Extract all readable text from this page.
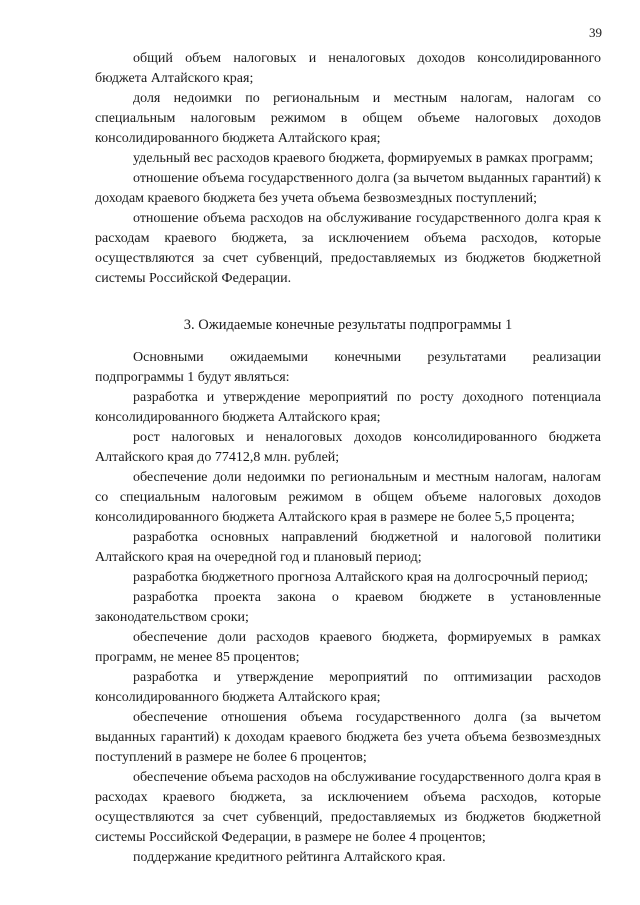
39

общий объем налоговых и неналоговых доходов консолидированного бюджета Алтайского края;

доля недоимки по региональным и местным налогам, налогам со специальным налоговым режимом в общем объеме налоговых доходов консолидированного бюджета Алтайского края;

удельный вес расходов краевого бюджета, формируемых в рамках программ;

отношение объема государственного долга (за вычетом выданных гарантий) к доходам краевого бюджета без учета объема безвозмездных поступлений;

отношение объема расходов на обслуживание государственного долга края к расходам краевого бюджета, за исключением объема расходов, которые осуществляются за счет субвенций, предоставляемых из бюджетов бюджетной системы Российской Федерации.

3. Ожидаемые конечные результаты подпрограммы 1

Основными ожидаемыми конечными результатами реализации подпрограммы 1 будут являться:

разработка и утверждение мероприятий по росту доходного потенциала консолидированного бюджета Алтайского края;

рост налоговых и неналоговых доходов консолидированного бюджета Алтайского края до 77412,8 млн. рублей;

обеспечение доли недоимки по региональным и местным налогам, налогам со специальным налоговым режимом в общем объеме налоговых доходов консолидированного бюджета Алтайского края в размере не более 5,5 процента;

разработка основных направлений бюджетной и налоговой политики Алтайского края на очередной год и плановый период;

разработка бюджетного прогноза Алтайского края на долгосрочный период;

разработка проекта закона о краевом бюджете в установленные законодательством сроки;

обеспечение доли расходов краевого бюджета, формируемых в рамках программ, не менее 85 процентов;

разработка и утверждение мероприятий по оптимизации расходов консолидированного бюджета Алтайского края;

обеспечение отношения объема государственного долга (за вычетом выданных гарантий) к доходам краевого бюджета без учета объема безвозмездных поступлений в размере не более 6 процентов;

обеспечение объема расходов на обслуживание государственного долга края в расходах краевого бюджета, за исключением объема расходов, которые осуществляются за счет субвенций, предоставляемых из бюджетов бюджетной системы Российской Федерации, в размере не более 4 процентов;

поддержание кредитного рейтинга Алтайского края.
